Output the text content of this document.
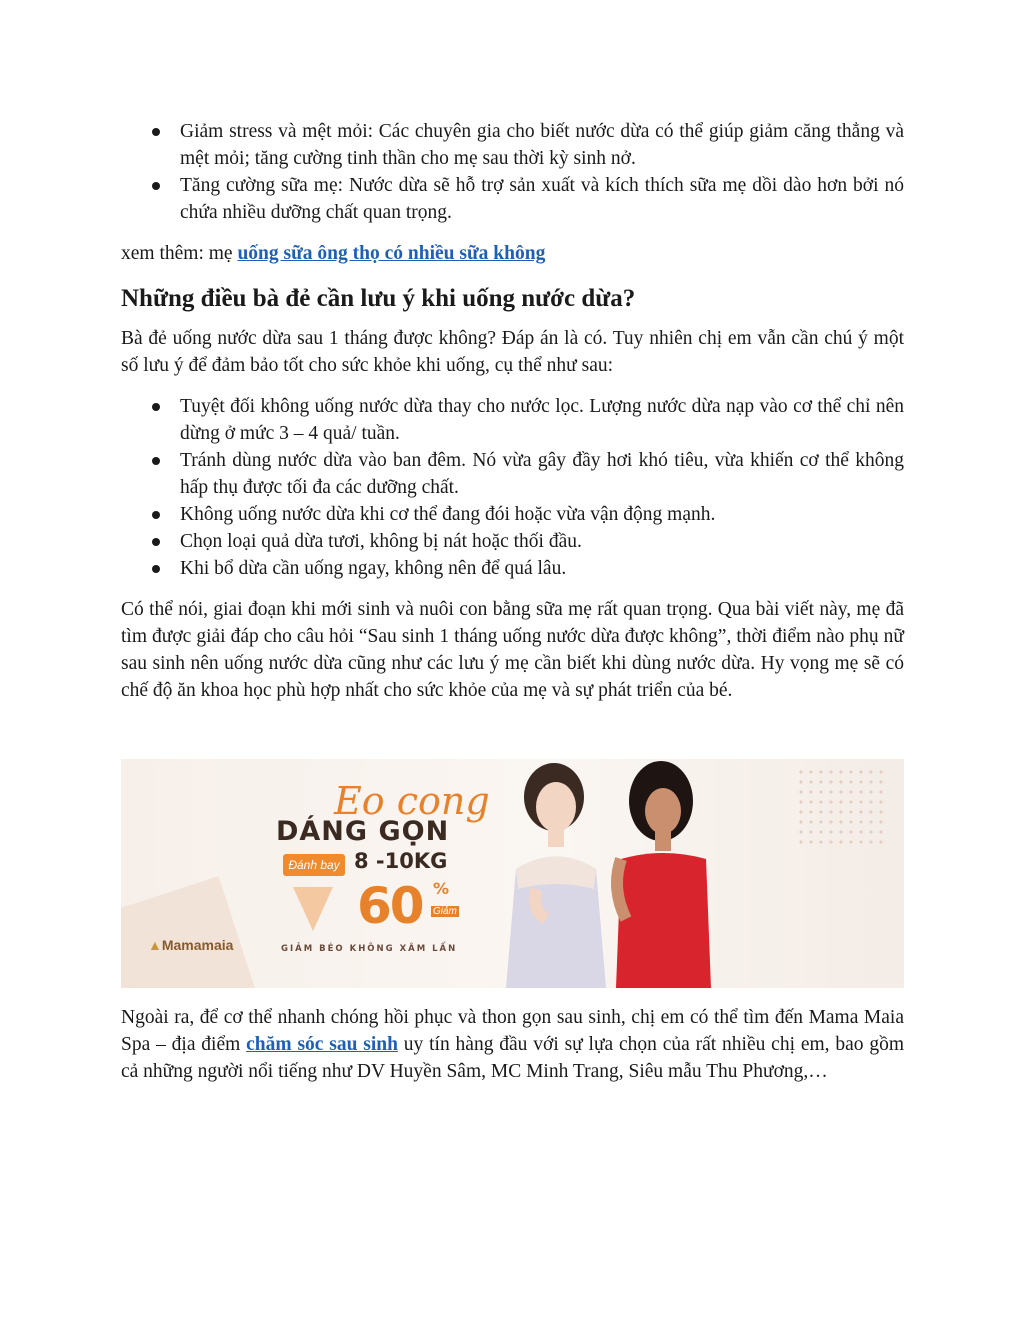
Giảm stress và mệt mỏi: Các chuyên gia cho biết nước dừa có thể giúp giảm căng thẳng và mệt mỏi; tăng cường tinh thần cho mẹ sau thời kỳ sinh nở.
Tăng cường sữa mẹ: Nước dừa sẽ hỗ trợ sản xuất và kích thích sữa mẹ dồi dào hơn bởi nó chứa nhiều dưỡng chất quan trọng.

xem thêm: mẹ uống sữa ông thọ có nhiều sữa không

Những điều bà đẻ cần lưu ý khi uống nước dừa?

Bà đẻ uống nước dừa sau 1 tháng được không? Đáp án là có. Tuy nhiên chị em vẫn cần chú ý một số lưu ý để đảm bảo tốt cho sức khỏe khi uống, cụ thể như sau:

Tuyệt đối không uống nước dừa thay cho nước lọc. Lượng nước dừa nạp vào cơ thể chỉ nên dừng ở mức 3 – 4 quả/ tuần.
Tránh dùng nước dừa vào ban đêm. Nó vừa gây đầy hơi khó tiêu, vừa khiến cơ thể không hấp thụ được tối đa các dưỡng chất.
Không uống nước dừa khi cơ thể đang đói hoặc vừa vận động mạnh.
Chọn loại quả dừa tươi, không bị nát hoặc thối đầu.
Khi bổ dừa cần uống ngay, không nên để quá lâu.

Có thể nói, giai đoạn khi mới sinh và nuôi con bằng sữa mẹ rất quan trọng. Qua bài viết này, mẹ đã tìm được giải đáp cho câu hỏi “Sau sinh 1 tháng uống nước dừa được không”, thời điểm nào phụ nữ sau sinh nên uống nước dừa cũng như các lưu ý mẹ cần biết khi dùng nước dừa. Hy vọng mẹ sẽ có chế độ ăn khoa học phù hợp nhất cho sức khỏe của mẹ và sự phát triển của bé.

Eo cong
DÁNG GỌN
Đánh bay 8 -10KG
60 %
Giảm
GIẢM BÉO KHÔNG XÂM LẤN
▲Mamamaia

Ngoài ra, để cơ thể nhanh chóng hồi phục và thon gọn sau sinh, chị em có thể tìm đến Mama Maia Spa – địa điểm chăm sóc sau sinh uy tín hàng đầu với sự lựa chọn của rất nhiều chị em, bao gồm cả những người nổi tiếng như DV Huyền Sâm, MC Minh Trang, Siêu mẫu Thu Phương,…
